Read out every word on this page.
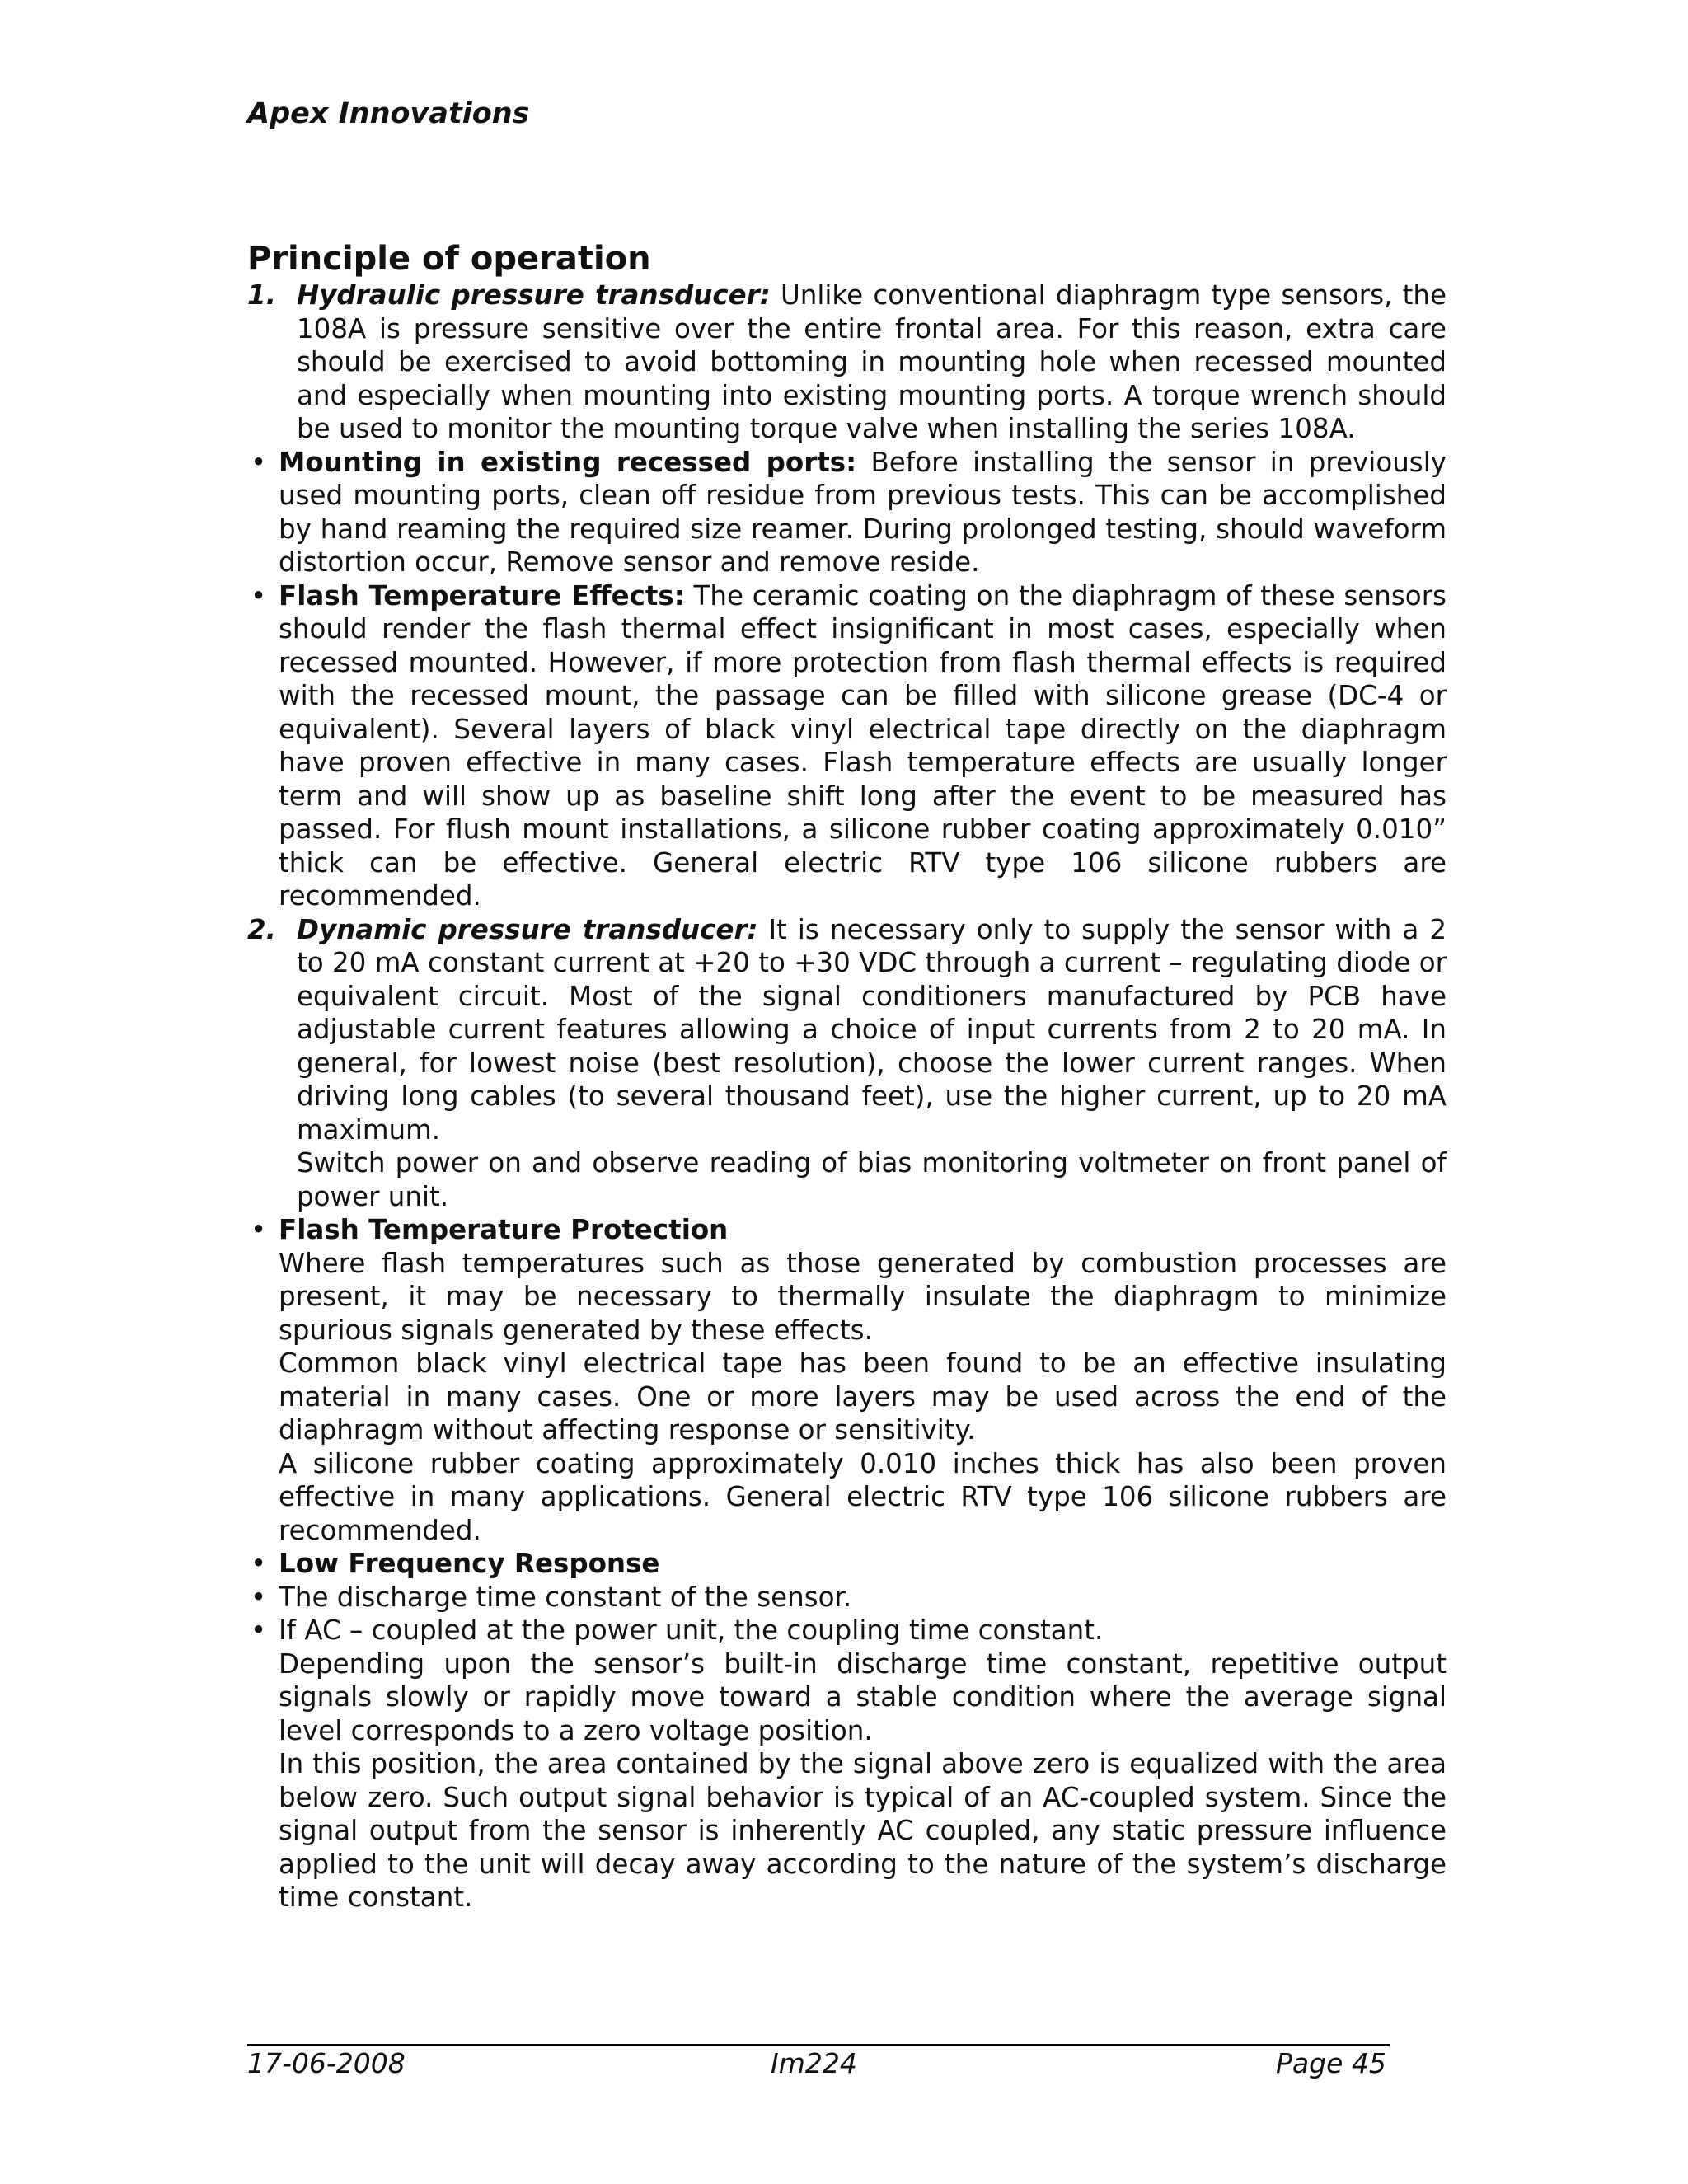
Apex Innovations

Principle of operation

1. Hydraulic pressure transducer: Unlike conventional diaphragm type sensors, the 108A is pressure sensitive over the entire frontal area. For this reason, extra care should be exercised to avoid bottoming in mounting hole when recessed mounted and especially when mounting into existing mounting ports. A torque wrench should be used to monitor the mounting torque valve when installing the series 108A.

• Mounting in existing recessed ports: Before installing the sensor in previously used mounting ports, clean off residue from previous tests. This can be accomplished by hand reaming the required size reamer. During prolonged testing, should waveform distortion occur, Remove sensor and remove reside.

• Flash Temperature Effects: The ceramic coating on the diaphragm of these sensors should render the flash thermal effect insignificant in most cases, especially when recessed mounted. However, if more protection from flash thermal effects is required with the recessed mount, the passage can be filled with silicone grease (DC-4 or equivalent). Several layers of black vinyl electrical tape directly on the diaphragm have proven effective in many cases. Flash temperature effects are usually longer term and will show up as baseline shift long after the event to be measured has passed. For flush mount installations, a silicone rubber coating approximately 0.010” thick can be effective. General electric RTV type 106 silicone rubbers are recommended.

2. Dynamic pressure transducer: It is necessary only to supply the sensor with a 2 to 20 mA constant current at +20 to +30 VDC through a current – regulating diode or equivalent circuit. Most of the signal conditioners manufactured by PCB have adjustable current features allowing a choice of input currents from 2 to 20 mA. In general, for lowest noise (best resolution), choose the lower current ranges. When driving long cables (to several thousand feet), use the higher current, up to 20 mA maximum.

Switch power on and observe reading of bias monitoring voltmeter on front panel of power unit.

• Flash Temperature Protection

Where flash temperatures such as those generated by combustion processes are present, it may be necessary to thermally insulate the diaphragm to minimize spurious signals generated by these effects.

Common black vinyl electrical tape has been found to be an effective insulating material in many cases. One or more layers may be used across the end of the diaphragm without affecting response or sensitivity.

A silicone rubber coating approximately 0.010 inches thick has also been proven effective in many applications. General electric RTV type 106 silicone rubbers are recommended.

• Low Frequency Response

• The discharge time constant of the sensor.

• If AC – coupled at the power unit, the coupling time constant.

Depending upon the sensor’s built-in discharge time constant, repetitive output signals slowly or rapidly move toward a stable condition where the average signal level corresponds to a zero voltage position.

In this position, the area contained by the signal above zero is equalized with the area below zero. Such output signal behavior is typical of an AC-coupled system. Since the signal output from the sensor is inherently AC coupled, any static pressure influence applied to the unit will decay away according to the nature of the system’s discharge time constant.

17-06-2008	Im224	Page 45
